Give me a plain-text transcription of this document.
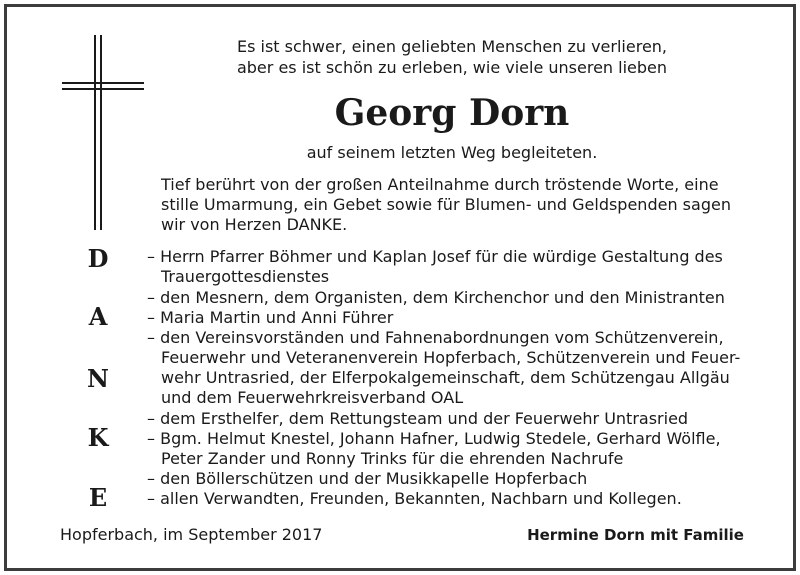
Es ist schwer, einen geliebten Menschen zu verlieren,
aber es ist schön zu erleben, wie viele unseren lieben
Georg Dorn
auf seinem letzten Weg begleiteten.
Tief berührt von der großen Anteilnahme durch tröstende Worte, eine
stille Umarmung, ein Gebet sowie für Blumen- und Geldspenden sagen
wir von Herzen DANKE.
D
A
N
K
E
– Herrn Pfarrer Böhmer und Kaplan Josef für die würdige Gestaltung des
Trauergottesdienstes
– den Mesnern, dem Organisten, dem Kirchenchor und den Ministranten
– Maria Martin und Anni Führer
– den Vereinsvorständen und Fahnenabordnungen vom Schützenverein,
Feuerwehr und Veteranenverein Hopferbach, Schützenverein und Feuer-
wehr Untrasried, der Elferpokalgemeinschaft, dem Schützengau Allgäu
und dem Feuerwehrkreisverband OAL
– dem Ersthelfer, dem Rettungsteam und der Feuerwehr Untrasried
– Bgm. Helmut Knestel, Johann Hafner, Ludwig Stedele, Gerhard Wölfle,
Peter Zander und Ronny Trinks für die ehrenden Nachrufe
– den Böllerschützen und der Musikkapelle Hopferbach
– allen Verwandten, Freunden, Bekannten, Nachbarn und Kollegen.
Hopferbach, im September 2017	Hermine Dorn mit Familie
